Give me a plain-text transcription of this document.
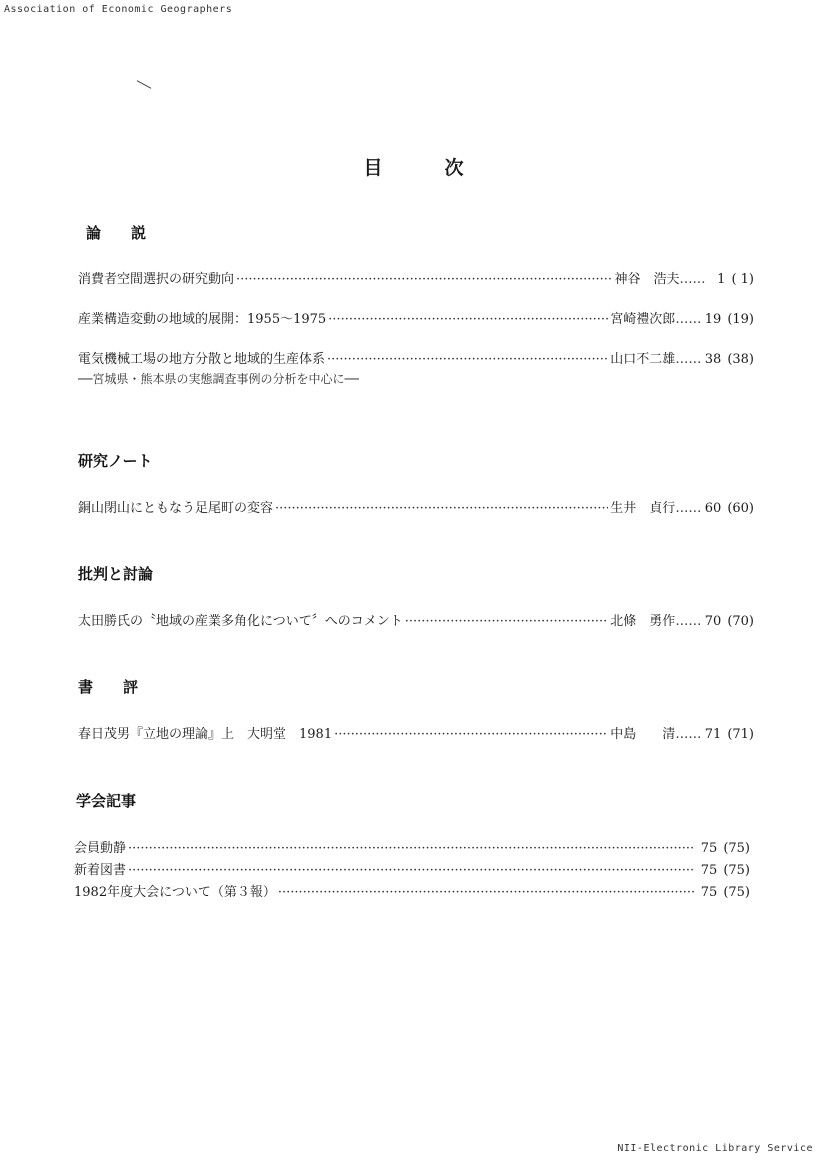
Association of Economic Geographers
目次
論説
消費者空間選択の研究動向 ·····	神谷　浩夫 …… 1 ( 1)
産業構造変動の地域的展開：1955〜1975 ·····	宮崎禮次郎 …… 19 (19)
電気機械工場の地方分散と地域的生産体系 ·····	山口不二雄 …… 38 (38)
──宮城県・熊本県の実態調査事例の分析を中心に──
研究ノート
銅山閉山にともなう足尾町の変容 ·····	生井　貞行 …… 60 (60)
批判と討論
太田勝氏の〝地域の産業多角化について〞へのコメント ·····	北條　勇作 …… 70 (70)
書評
春日茂男『立地の理論』上　大明堂　1981 ·····	中島　　清 …… 71 (71)
学会記事
会員動静 ·····	75 (75)
新着図書 ·····	75 (75)
1982年度大会について（第３報） ·····	75 (75)
NII-Electronic Library Service
